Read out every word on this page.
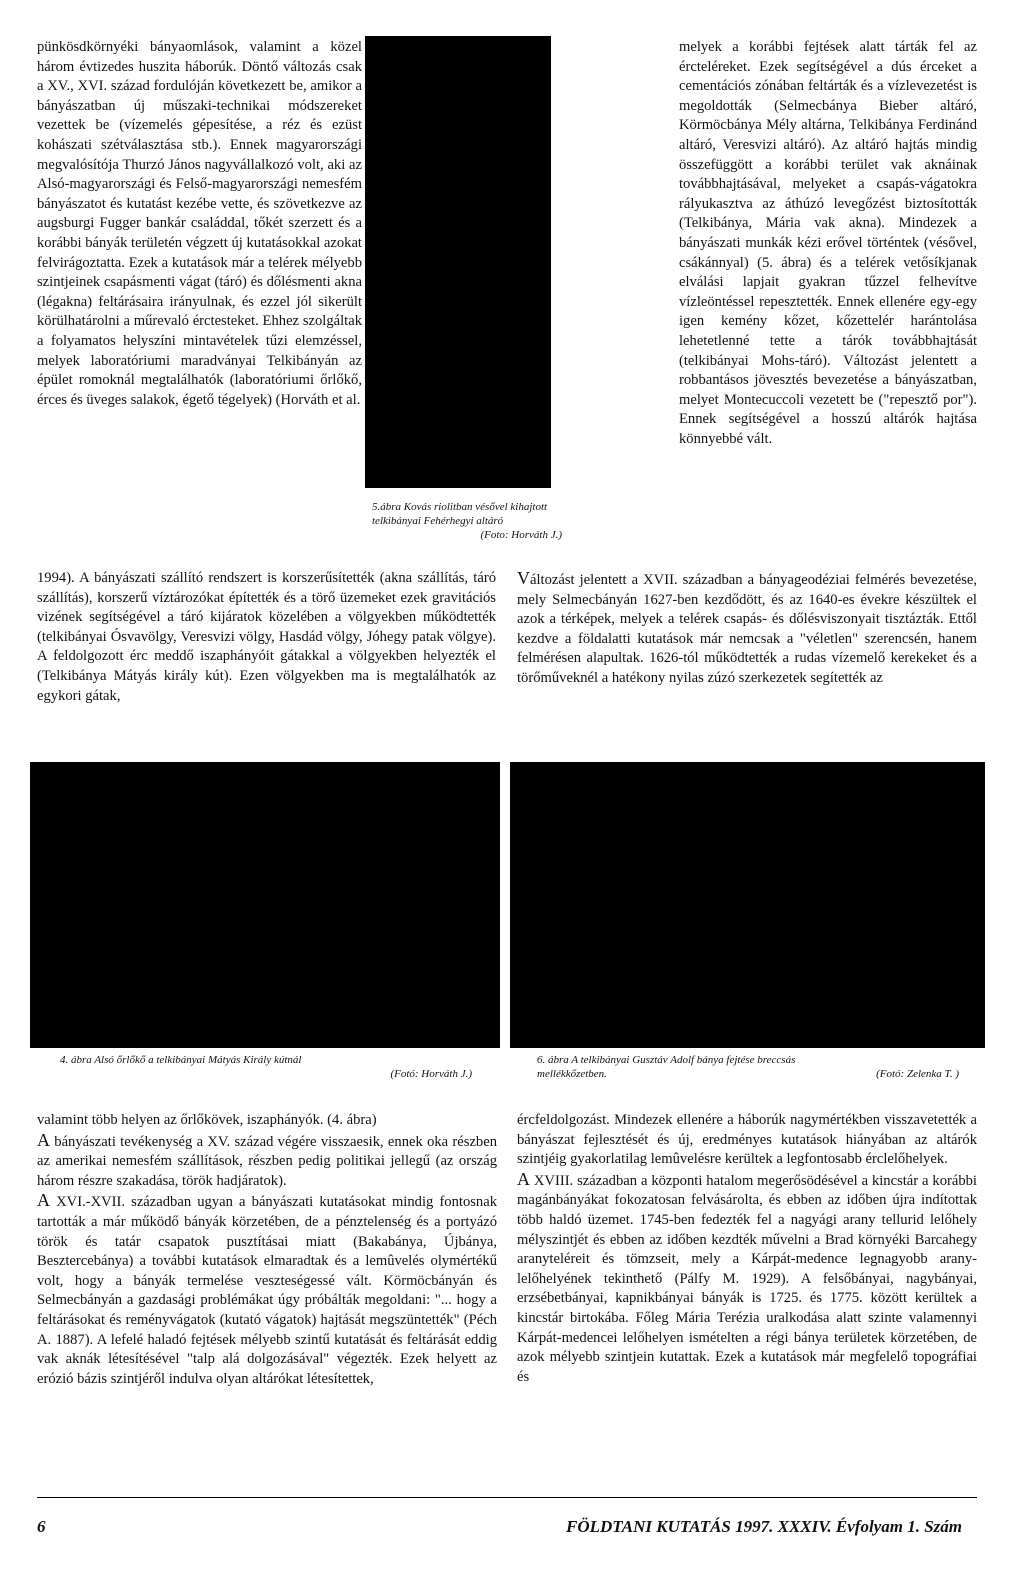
5.ábra Kovás riolitban vésővel kihajtott
telkibányai Fehérhegyi altáró
(Foto: Horváth J.)

pünkösdkörnyéki bányaomlások, valamint a közel három évtizedes huszita háborúk. Döntő változás csak a XV., XVI. század fordulóján következett be, amikor a bányászatban új műszaki-technikai módszereket vezettek be (vízemelés gépesítése, a réz és ezüst kohászati szétválasztása stb.). Ennek magyarországi megvalósítója Thurzó János nagyvállalkozó volt, aki az Alsó-magyarországi és Felső-magyarországi nemesfém bányászatot és kutatást kezébe vette, és szövetkezve az augsburgi Fugger bankár családdal, tőkét szerzett és a korábbi bányák területén végzett új kutatásokkal azokat felvirágoztatta. Ezek a kutatások már a telérek mélyebb szintjeinek csapásmenti vágat (táró) és dőlésmenti akna (légakna) feltárásaira irányulnak, és ezzel jól sikerült körülhatárolni a műrevaló érctesteket. Ehhez szolgáltak a folyamatos helyszíni mintavételek tűzi elemzéssel, melyek laboratóriumi maradványai Telkibányán az épület romoknál megtalálhatók (laboratóriumi őrlőkő, érces és üveges salakok, égető tégelyek) (Horváth et al.

melyek a korábbi fejtések alatt tárták fel az ércteléreket. Ezek segítségével a dús érceket a cementációs zónában feltárták és a vízlevezetést is megoldották (Selmecbánya Bieber altáró, Körmöcbánya Mély altárna, Telkibánya Ferdinánd altáró, Veresvizi altáró). Az altáró hajtás mindig összefüggött a korábbi terület vak aknáinak továbbhajtásával, melyeket a csapás-vágatokra rályukasztva az áthúzó levegőzést biztosították (Telkibánya, Mária vak akna). Mindezek a bányászati munkák kézi erővel történtek (vésővel, csákánnyal) (5. ábra) és a telérek vetősíkjanak elválási lapjait gyakran tűzzel felhevítve vízleöntéssel repesztették. Ennek ellenére egy-egy igen kemény kőzet, kőzettelér harántolása lehetetlenné tette a tárók továbbhajtását (telkibányai Mohs-táró). Változást jelentett a robbantásos jövesztés bevezetése a bányászatban, melyet Montecuccoli vezetett be ("repesztő por"). Ennek segítségével a hosszú altárók hajtása könnyebbé vált.

1994). A bányászati szállító rendszert is korszerűsítették (akna szállítás, táró szállítás), korszerű víztározókat építették és a törő üzemeket ezek gravitációs vizének segítségével a táró kijáratok közelében a völgyekben működtették (telkibányai Ósvavölgy, Veresvizi völgy, Hasdád völgy, Jóhegy patak völgye). A feldolgozott érc meddő iszaphányóit gátakkal a völgyekben helyezték el (Telkibánya Mátyás király kút). Ezen völgyekben ma is megtalálhatók az egykori gátak,

Változást jelentett a XVII. században a bányageodéziai felmérés bevezetése, mely Selmecbányán 1627-ben kezdődött, és az 1640-es évekre készültek el azok a térképek, melyek a telérek csapás- és dőlésviszonyait tisztázták. Ettől kezdve a földalatti kutatások már nemcsak a "véletlen" szerencsén, hanem felmérésen alapultak. 1626-tól működtették a rudas vízemelő kerekeket és a törőműveknél a hatékony nyilas zúzó szerkezetek segítették az

4. ábra Alsó őrlőkő a telkibányai Mátyás Király kútnál
(Fotó: Horváth J.)
6. ábra A telkibányai Gusztáv Adolf bánya fejtése breccsás
mellékkőzetben.	(Fotó: Zelenka T. )

valamint több helyen az őrlőkövek, iszaphányók. (4. ábra)

A bányászati tevékenység a XV. század végére visszaesik, ennek oka részben az amerikai nemesfém szállítások, részben pedig politikai jellegű (az ország három részre szakadása, török hadjáratok).

A XVI.-XVII. században ugyan a bányászati kutatásokat mindig fontosnak tartották a már működő bányák körzetében, de a pénztelenség és a portyázó török és tatár csapatok pusztításai miatt (Bakabánya, Újbánya, Besztercebánya) a további kutatások elmaradtak és a lemûvelés olymértékű volt, hogy a bányák termelése veszteségessé vált. Körmöcbányán és Selmecbányán a gazdasági problémákat úgy próbálták megoldani: "... hogy a feltárásokat és reményvágatok (kutató vágatok) hajtását megszüntették" (Péch A. 1887). A lefelé haladó fejtések mélyebb szintű kutatását és feltárását eddig vak aknák létesítésével "talp alá dolgozásával" végezték. Ezek helyett az erózió bázis szintjéről indulva olyan altárókat létesítettek,

ércfeldolgozást. Mindezek ellenére a háborúk nagymértékben visszavetették a bányászat fejlesztését és új, eredményes kutatások hiányában az altárók szintjéig gyakorlatilag lemûvelésre kerültek a legfontosabb érclelőhelyek.

A XVIII. században a központi hatalom megerősödésével a kincstár a korábbi magánbányákat fokozatosan felvásárolta, és ebben az időben újra indítottak több haldó üzemet. 1745-ben fedezték fel a nagyági arany tellurid lelőhely mélyszintjét és ebben az időben kezdték művelni a Brad környéki Barcahegy aranyteléreit és tömzseit, mely a Kárpát-medence legnagyobb arany-lelőhelyének tekinthető (Pálfy M. 1929). A felsőbányai, nagybányai, erzsébetbányai, kapnikbányai bányák is 1725. és 1775. között kerültek a kincstár birtokába. Főleg Mária Terézia uralkodása alatt szinte valamennyi Kárpát-medencei lelőhelyen ismételten a régi bánya területek körzetében, de azok mélyebb szintjein kutattak. Ezek a kutatások már megfelelő topográfiai és

6	FÖLDTANI KUTATÁS 1997. XXXIV. Évfolyam 1. Szám
